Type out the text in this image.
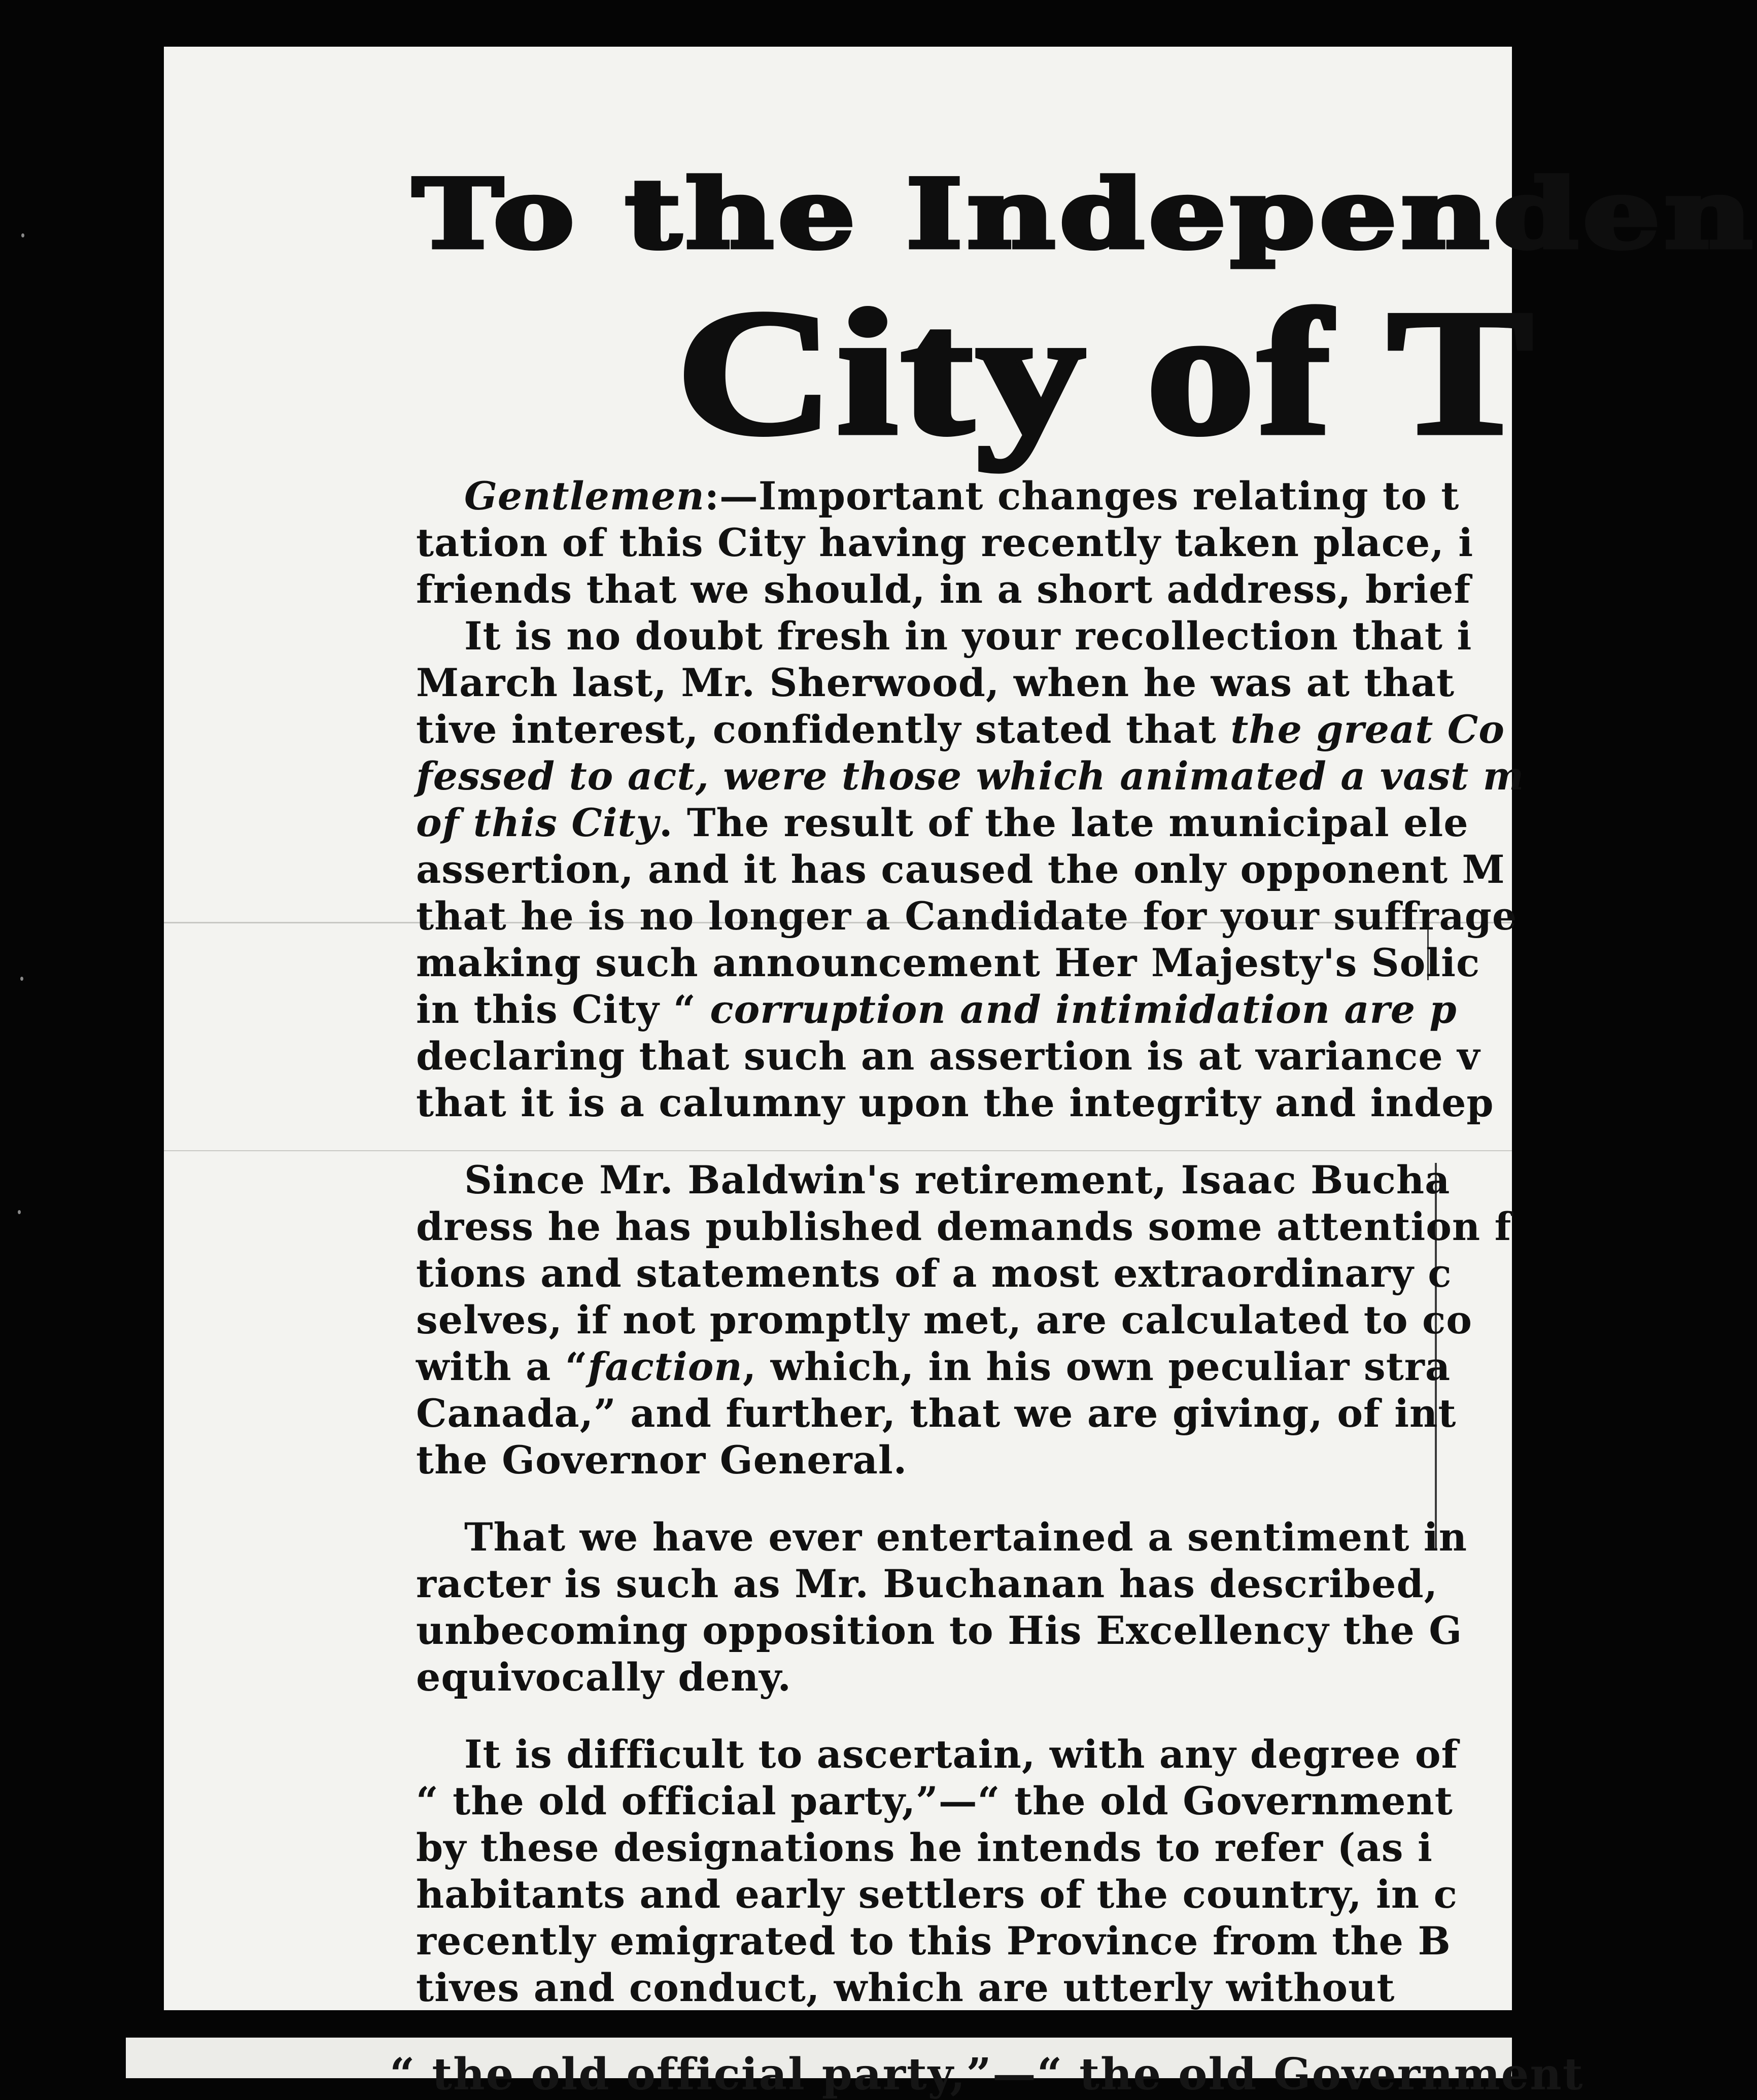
To the Independen
City of T
Gentlemen:—Important changes relating to t
tation of this City having recently taken place, i
friends that we should, in a short address, brief
It is no doubt fresh in your recollection that i
March last, Mr. Sherwood, when he was at that
tive interest, confidently stated that the great Co
fessed to act, were those which animated a vast m
of this City. The result of the late municipal ele
assertion, and it has caused the only opponent M
that he is no longer a Candidate for your suffrage
making such announcement Her Majesty's Solic
in this City “ corruption and intimidation are p
declaring that such an assertion is at variance v
that it is a calumny upon the integrity and indep
Since Mr. Baldwin's retirement, Isaac Bucha
dress he has published demands some attention f
tions and statements of a most extraordinary c
selves, if not promptly met, are calculated to co
with a “faction, which, in his own peculiar stra
Canada,” and further, that we are giving, of int
the Governor General.
That we have ever entertained a sentiment in
racter is such as Mr. Buchanan has described,
unbecoming opposition to His Excellency the G
equivocally deny.
It is difficult to ascertain, with any degree of
“ the old official party,”—“ the old Government
by these designations he intends to refer (as i
habitants and early settlers of the country, in c
recently emigrated to this Province from the B
tives and conduct, which are utterly without
“ the old official party,”—“ the old Government
